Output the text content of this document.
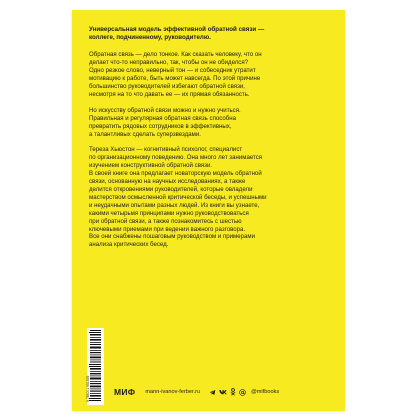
Универсальная модель эффективной обратной связи —
коллеге, подчиненному, руководителю.

Обратная связь — дело тонкое. Как сказать человеку, что он
делает что-то неправильно, так, чтобы он не обиделся?
Одно резкое слово, неверный тон — и собеседник утратит
мотивацию к работе, быть может навсегда. По этой причине
большинство руководителей избегают обратной связи,
несмотря на то что давать ее — их прямая обязанность.

Но искусству обратной связи можно и нужно учиться.
Правильная и регулярная обратная связь способна
превратить рядовых сотрудников в эффективных,
а талантливых сделать суперзвездами.

Тереза Хьюстон — когнитивный психолог, специалист
по организационному поведению. Она много лет занимается
изучением конструктивной обратной связи.
В своей книге она предлагает новаторскую модель обратной
связи, основанную на научных исследованиях, а также
делится откровениями руководителей, которые овладели
мастерством осмысленной критической беседы, и успешными
и неудачными опытами разных людей. Из книги вы узнаете,
какими четырьмя принципами нужно руководствоваться
при обратной связи, а также познакомитесь с шестью
ключевыми приемами при ведении важного разговора.
Все они снабжены пошаговым руководством и примерами
анализа критических бесед.

9 785001 951559	МИФ mann-ivanov-ferber.ru	@mifbooks
